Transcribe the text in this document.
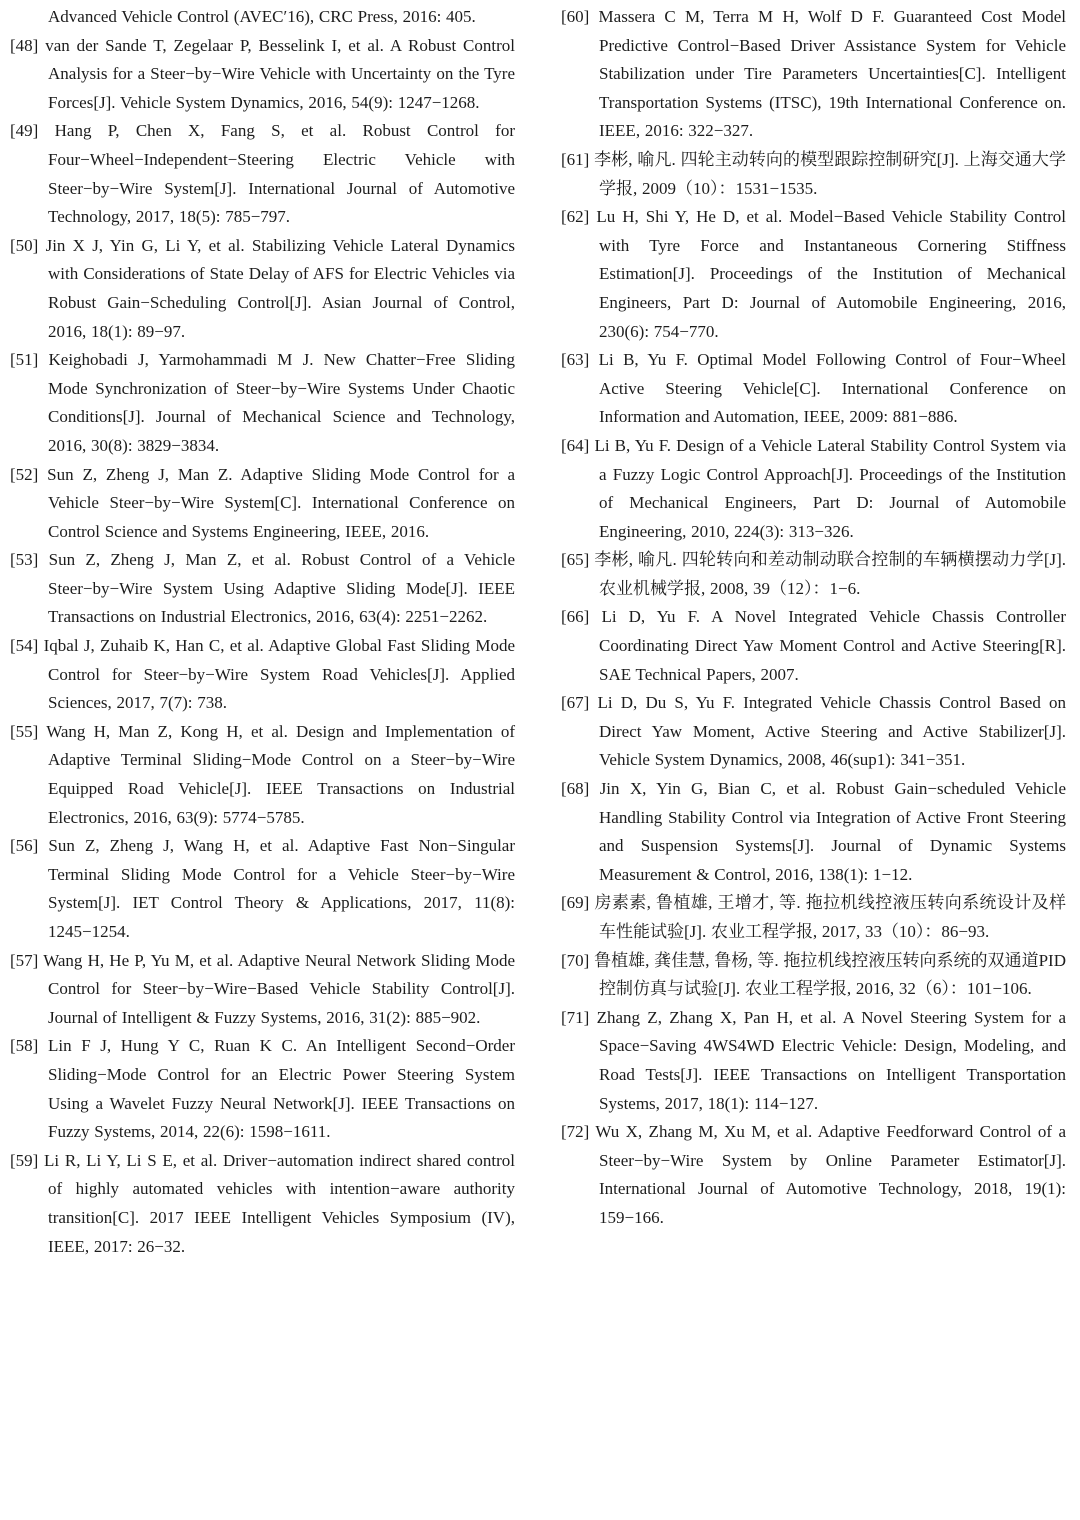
Advanced Vehicle Control (AVEC′16), CRC Press, 2016: 405.
[48] van der Sande T, Zegelaar P, Besselink I, et al. A Robust Control Analysis for a Steer−by−Wire Vehicle with Uncertainty on the Tyre Forces[J]. Vehicle System Dynamics, 2016, 54(9): 1247−1268.
[49] Hang P, Chen X, Fang S, et al. Robust Control for Four−Wheel−Independent−Steering Electric Vehicle with Steer−by−Wire System[J]. International Journal of Automotive Technology, 2017, 18(5): 785−797.
[50] Jin X J, Yin G, Li Y, et al. Stabilizing Vehicle Lateral Dynamics with Considerations of State Delay of AFS for Electric Vehicles via Robust Gain−Scheduling Control[J]. Asian Journal of Control, 2016, 18(1): 89−97.
[51] Keighobadi J, Yarmohammadi M J. New Chatter−Free Sliding Mode Synchronization of Steer−by−Wire Systems Under Chaotic Conditions[J]. Journal of Mechanical Science and Technology, 2016, 30(8): 3829−3834.
[52] Sun Z, Zheng J, Man Z. Adaptive Sliding Mode Control for a Vehicle Steer−by−Wire System[C]. International Conference on Control Science and Systems Engineering, IEEE, 2016.
[53] Sun Z, Zheng J, Man Z, et al. Robust Control of a Vehicle Steer−by−Wire System Using Adaptive Sliding Mode[J]. IEEE Transactions on Industrial Electronics, 2016, 63(4): 2251−2262.
[54] Iqbal J, Zuhaib K, Han C, et al. Adaptive Global Fast Sliding Mode Control for Steer−by−Wire System Road Vehicles[J]. Applied Sciences, 2017, 7(7): 738.
[55] Wang H, Man Z, Kong H, et al. Design and Implementation of Adaptive Terminal Sliding−Mode Control on a Steer−by−Wire Equipped Road Vehicle[J]. IEEE Transactions on Industrial Electronics, 2016, 63(9): 5774−5785.
[56] Sun Z, Zheng J, Wang H, et al. Adaptive Fast Non−Singular Terminal Sliding Mode Control for a Vehicle Steer−by−Wire System[J]. IET Control Theory & Applications, 2017, 11(8): 1245−1254.
[57] Wang H, He P, Yu M, et al. Adaptive Neural Network Sliding Mode Control for Steer−by−Wire−Based Vehicle Stability Control[J]. Journal of Intelligent & Fuzzy Systems, 2016, 31(2): 885−902.
[58] Lin F J, Hung Y C, Ruan K C. An Intelligent Second−Order Sliding−Mode Control for an Electric Power Steering System Using a Wavelet Fuzzy Neural Network[J]. IEEE Transactions on Fuzzy Systems, 2014, 22(6): 1598−1611.
[59] Li R, Li Y, Li S E, et al. Driver−automation indirect shared control of highly automated vehicles with intention−aware authority transition[C]. 2017 IEEE Intelligent Vehicles Symposium (IV), IEEE, 2017: 26−32.
[60] Massera C M, Terra M H, Wolf D F. Guaranteed Cost Model Predictive Control−Based Driver Assistance System for Vehicle Stabilization under Tire Parameters Uncertainties[C]. Intelligent Transportation Systems (ITSC), 19th International Conference on. IEEE, 2016: 322−327.
[61] 李彬, 喻凡. 四轮主动转向的模型跟踪控制研究[J]. 上海交通大学学报, 2009（10）：1531−1535.
[62] Lu H, Shi Y, He D, et al. Model−Based Vehicle Stability Control with Tyre Force and Instantaneous Cornering Stiffness Estimation[J]. Proceedings of the Institution of Mechanical Engineers, Part D: Journal of Automobile Engineering, 2016, 230(6): 754−770.
[63] Li B, Yu F. Optimal Model Following Control of Four−Wheel Active Steering Vehicle[C]. International Conference on Information and Automation, IEEE, 2009: 881−886.
[64] Li B, Yu F. Design of a Vehicle Lateral Stability Control System via a Fuzzy Logic Control Approach[J]. Proceedings of the Institution of Mechanical Engineers, Part D: Journal of Automobile Engineering, 2010, 224(3): 313−326.
[65] 李彬, 喻凡. 四轮转向和差动制动联合控制的车辆横摆动力学[J]. 农业机械学报, 2008, 39（12）：1−6.
[66] Li D, Yu F. A Novel Integrated Vehicle Chassis Controller Coordinating Direct Yaw Moment Control and Active Steering[R]. SAE Technical Papers, 2007.
[67] Li D, Du S, Yu F. Integrated Vehicle Chassis Control Based on Direct Yaw Moment, Active Steering and Active Stabilizer[J]. Vehicle System Dynamics, 2008, 46(sup1): 341−351.
[68] Jin X, Yin G, Bian C, et al. Robust Gain−scheduled Vehicle Handling Stability Control via Integration of Active Front Steering and Suspension Systems[J]. Journal of Dynamic Systems Measurement & Control, 2016, 138(1): 1−12.
[69] 房素素, 鲁植雄, 王增才, 等. 拖拉机线控液压转向系统设计及样车性能试验[J]. 农业工程学报, 2017, 33（10）：86−93.
[70] 鲁植雄, 龚佳慧, 鲁杨, 等. 拖拉机线控液压转向系统的双通道PID控制仿真与试验[J]. 农业工程学报, 2016, 32（6）：101−106.
[71] Zhang Z, Zhang X, Pan H, et al. A Novel Steering System for a Space−Saving 4WS4WD Electric Vehicle: Design, Modeling, and Road Tests[J]. IEEE Transactions on Intelligent Transportation Systems, 2017, 18(1): 114−127.
[72] Wu X, Zhang M, Xu M, et al. Adaptive Feedforward Control of a Steer−by−Wire System by Online Parameter Estimator[J]. International Journal of Automotive Technology, 2018, 19(1): 159−166.
